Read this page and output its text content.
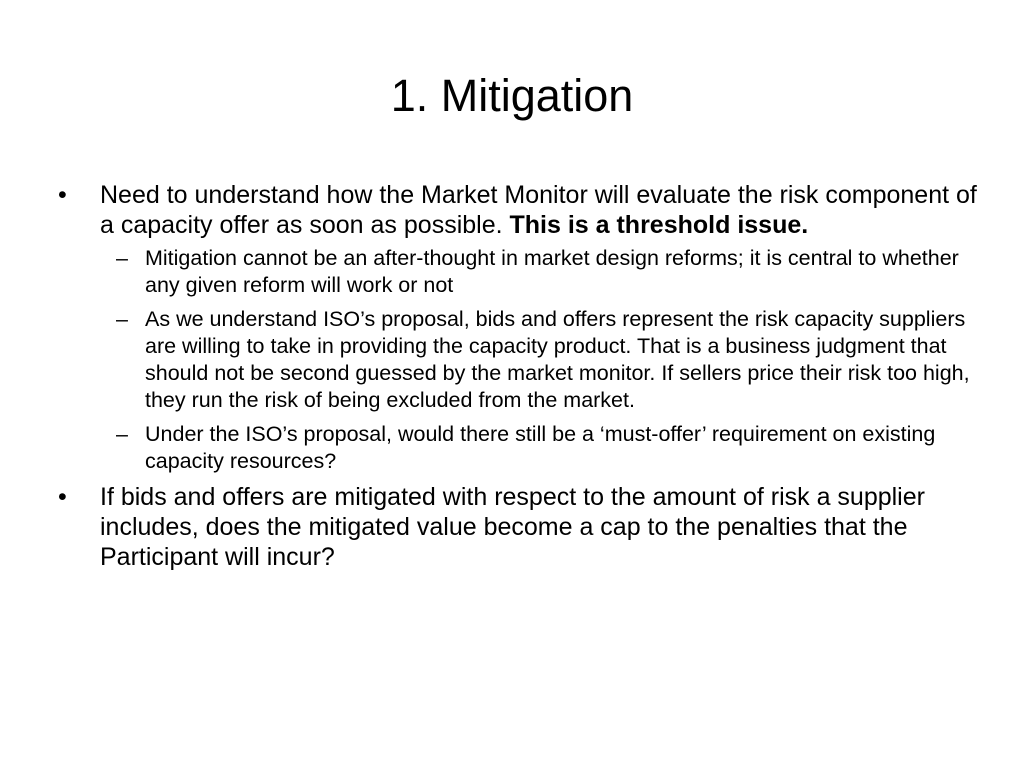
1. Mitigation
• Need to understand how the Market Monitor will evaluate the risk component of a capacity offer as soon as possible. This is a threshold issue.
– Mitigation cannot be an after-thought in market design reforms; it is central to whether any given reform will work or not
– As we understand ISO’s proposal, bids and offers represent the risk capacity suppliers are willing to take in providing the capacity product. That is a business judgment that should not be second guessed by the market monitor. If sellers price their risk too high, they run the risk of being excluded from the market.
– Under the ISO’s proposal, would there still be a ‘must-offer’ requirement on existing capacity resources?
• If bids and offers are mitigated with respect to the amount of risk a supplier includes, does the mitigated value become a cap to the penalties that the Participant will incur?
